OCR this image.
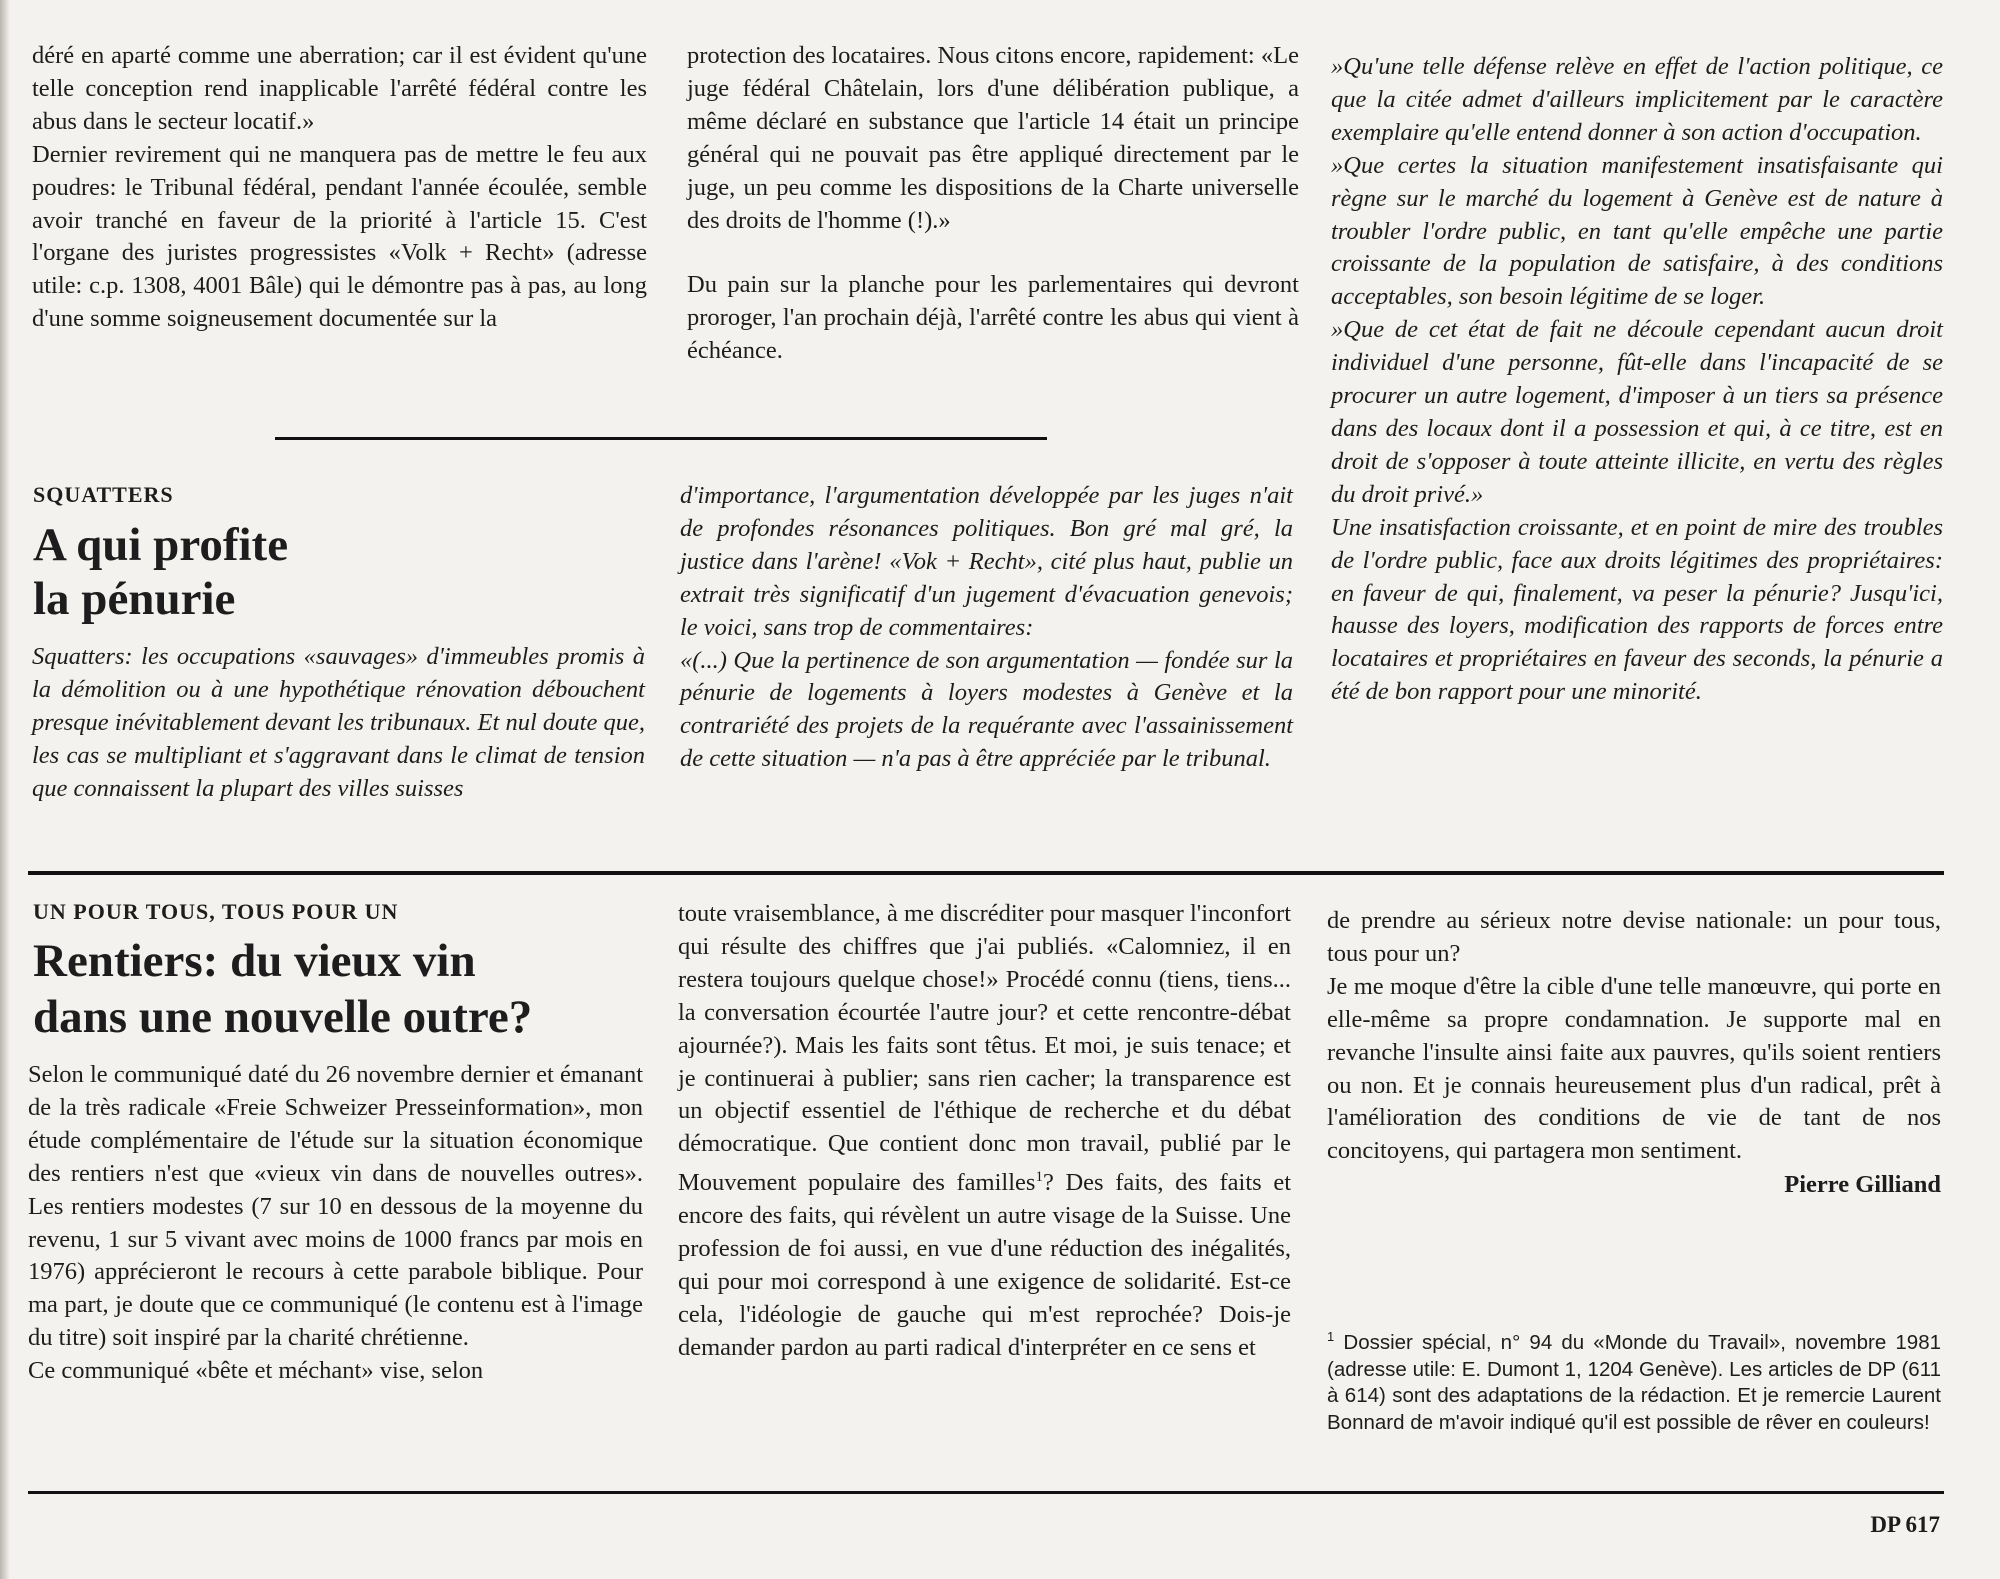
déré en aparté comme une aberration; car il est évident qu'une telle conception rend inapplicable l'arrêté fédéral contre les abus dans le secteur locatif.»

Dernier revirement qui ne manquera pas de mettre le feu aux poudres: le Tribunal fédéral, pendant l'année écoulée, semble avoir tranché en faveur de la priorité à l'article 15. C'est l'organe des juristes progressistes «Volk + Recht» (adresse utile: c.p. 1308, 4001 Bâle) qui le démontre pas à pas, au long d'une somme soigneusement documentée sur la

protection des locataires. Nous citons encore, rapidement: «Le juge fédéral Châtelain, lors d'une délibération publique, a même déclaré en substance que l'article 14 était un principe général qui ne pouvait pas être appliqué directement par le juge, un peu comme les dispositions de la Charte universelle des droits de l'homme (!).»

Du pain sur la planche pour les parlementaires qui devront proroger, l'an prochain déjà, l'arrêté contre les abus qui vient à échéance.

SQUATTERS

A qui profite

la pénurie

Squatters: les occupations «sauvages» d'immeubles promis à la démolition ou à une hypothétique rénovation débouchent presque inévitablement devant les tribunaux. Et nul doute que, les cas se multipliant et s'aggravant dans le climat de tension que connaissent la plupart des villes suisses

d'importance, l'argumentation développée par les juges n'ait de profondes résonances politiques. Bon gré mal gré, la justice dans l'arène! «Vok + Recht», cité plus haut, publie un extrait très significatif d'un jugement d'évacuation genevois; le voici, sans trop de commentaires:

«(...) Que la pertinence de son argumentation — fondée sur la pénurie de logements à loyers modestes à Genève et la contrariété des projets de la requérante avec l'assainissement de cette situation — n'a pas à être appréciée par le tribunal.

»Qu'une telle défense relève en effet de l'action politique, ce que la citée admet d'ailleurs implicitement par le caractère exemplaire qu'elle entend donner à son action d'occupation.

»Que certes la situation manifestement insatisfaisante qui règne sur le marché du logement à Genève est de nature à troubler l'ordre public, en tant qu'elle empêche une partie croissante de la population de satisfaire, à des conditions acceptables, son besoin légitime de se loger.

»Que de cet état de fait ne découle cependant aucun droit individuel d'une personne, fût-elle dans l'incapacité de se procurer un autre logement, d'imposer à un tiers sa présence dans des locaux dont il a possession et qui, à ce titre, est en droit de s'opposer à toute atteinte illicite, en vertu des règles du droit privé.»

Une insatisfaction croissante, et en point de mire des troubles de l'ordre public, face aux droits légitimes des propriétaires: en faveur de qui, finalement, va peser la pénurie? Jusqu'ici, hausse des loyers, modification des rapports de forces entre locataires et propriétaires en faveur des seconds, la pénurie a été de bon rapport pour une minorité.

UN POUR TOUS, TOUS POUR UN

Rentiers: du vieux vin

dans une nouvelle outre?

Selon le communiqué daté du 26 novembre dernier et émanant de la très radicale «Freie Schweizer Presseinformation», mon étude complémentaire de l'étude sur la situation économique des rentiers n'est que «vieux vin dans de nouvelles outres». Les rentiers modestes (7 sur 10 en dessous de la moyenne du revenu, 1 sur 5 vivant avec moins de 1000 francs par mois en 1976) apprécieront le recours à cette parabole biblique. Pour ma part, je doute que ce communiqué (le contenu est à l'image du titre) soit inspiré par la charité chrétienne.

Ce communiqué «bête et méchant» vise, selon

toute vraisemblance, à me discréditer pour masquer l'inconfort qui résulte des chiffres que j'ai publiés. «Calomniez, il en restera toujours quelque chose!» Procédé connu (tiens, tiens... la conversation écourtée l'autre jour? et cette rencontre-débat ajournée?). Mais les faits sont têtus. Et moi, je suis tenace; et je continuerai à publier; sans rien cacher; la transparence est un objectif essentiel de l'éthique de recherche et du débat démocratique. Que contient donc mon travail, publié par le Mouvement populaire des familles$^1$? Des faits, des faits et encore des faits, qui révèlent un autre visage de la Suisse. Une profession de foi aussi, en vue d'une réduction des inégalités, qui pour moi correspond à une exigence de solidarité. Est-ce cela, l'idéologie de gauche qui m'est reprochée? Dois-je demander pardon au parti radical d'interpréter en ce sens et

de prendre au sérieux notre devise nationale: un pour tous, tous pour un?

Je me moque d'être la cible d'une telle manœuvre, qui porte en elle-même sa propre condamnation. Je supporte mal en revanche l'insulte ainsi faite aux pauvres, qu'ils soient rentiers ou non. Et je connais heureusement plus d'un radical, prêt à l'amélioration des conditions de vie de tant de nos concitoyens, qui partagera mon sentiment.

Pierre Gilliand

$^1$ Dossier spécial, n° 94 du «Monde du Travail», novembre 1981 (adresse utile: E. Dumont 1, 1204 Genève). Les articles de DP (611 à 614) sont des adaptations de la rédaction. Et je remercie Laurent Bonnard de m'avoir indiqué qu'il est possible de rêver en couleurs!

DP 617
